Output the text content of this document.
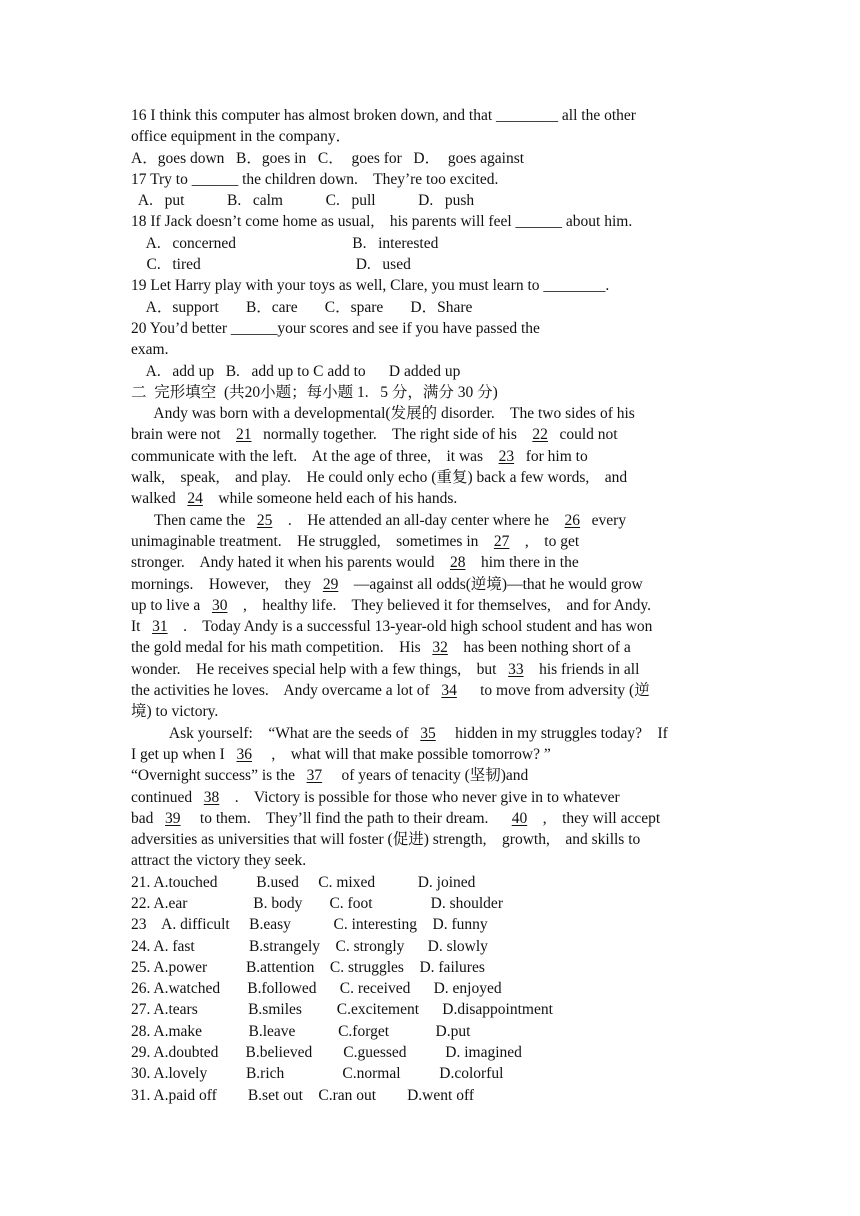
16 I think this computer has almost broken down, and that ________ all the other
office equipment in the company．
A．goes down   B．goes in   C．  goes for   D．  goes against
17 Try to ______ the children down.    They’re too excited.
A.   put           B.   calm           C.   pull           D.   push
18 If Jack doesn’t come home as usual,    his parents will feel ______ about him.
A.   concerned                              B.   interested
C.   tired                                        D.   used
19 Let Harry play with your toys as well, Clare, you must learn to ________.
A．support       B．care       C．spare       D．Share
20 You’d better ______your scores and see if you have passed the
exam.
A.   add up   B.   add up to C add to      D added up
二  完形填空  (共20小题；每小题 1.   5 分，满分 30 分)
Andy was born with a developmental(发展的 disorder.    The two sides of his
brain were not    21   normally together.    The right side of his    22   could not
communicate with the left.    At the age of three,    it was    23   for him to
walk,    speak,    and play.    He could only echo (重复) back a few words,    and
walked   24    while someone held each of his hands.
Then came the   25    .    He attended an all-day center where he    26   every
unimaginable treatment.    He struggled,    sometimes in    27    ,    to get
stronger.    Andy hated it when his parents would    28    him there in the
mornings.    However,    they   29    —against all odds(逆境)—that he would grow
up to live a   30    ,    healthy life.    They believed it for themselves,    and for Andy.
It   31    .    Today Andy is a successful 13-year-old high school student and has won
the gold medal for his math competition.    His   32    has been nothing short of a
wonder.    He receives special help with a few things,    but   33    his friends in all
the activities he loves.    Andy overcame a lot of   34      to move from adversity (逆
境) to victory.
Ask yourself:    “What are the seeds of   35     hidden in my struggles today?    If
I get up when I   36     ,    what will that make possible tomorrow? ”
“Overnight success” is the   37     of years of tenacity (坚韧)and
continued   38    .    Victory is possible for those who never give in to whatever
bad   39     to them.    They’ll find the path to their dream.      40    ,    they will accept
adversities as universities that will foster (促进) strength,    growth,    and skills to
attract the victory they seek.
21. A.touched          B.used     C. mixed           D. joined
22. A.ear                 B. body       C. foot               D. shoulder
23    A. difficult     B.easy           C. interesting    D. funny
24. A. fast              B.strangely    C. strongly      D. slowly
25. A.power          B.attention    C. struggles    D. failures
26. A.watched       B.followed      C. received      D. enjoyed
27. A.tears             B.smiles         C.excitement      D.disappointment
28. A.make            B.leave           C.forget            D.put
29. A.doubted       B.believed        C.guessed          D. imagined
30. A.lovely          B.rich               C.normal          D.colorful
31. A.paid off        B.set out    C.ran out        D.went off
